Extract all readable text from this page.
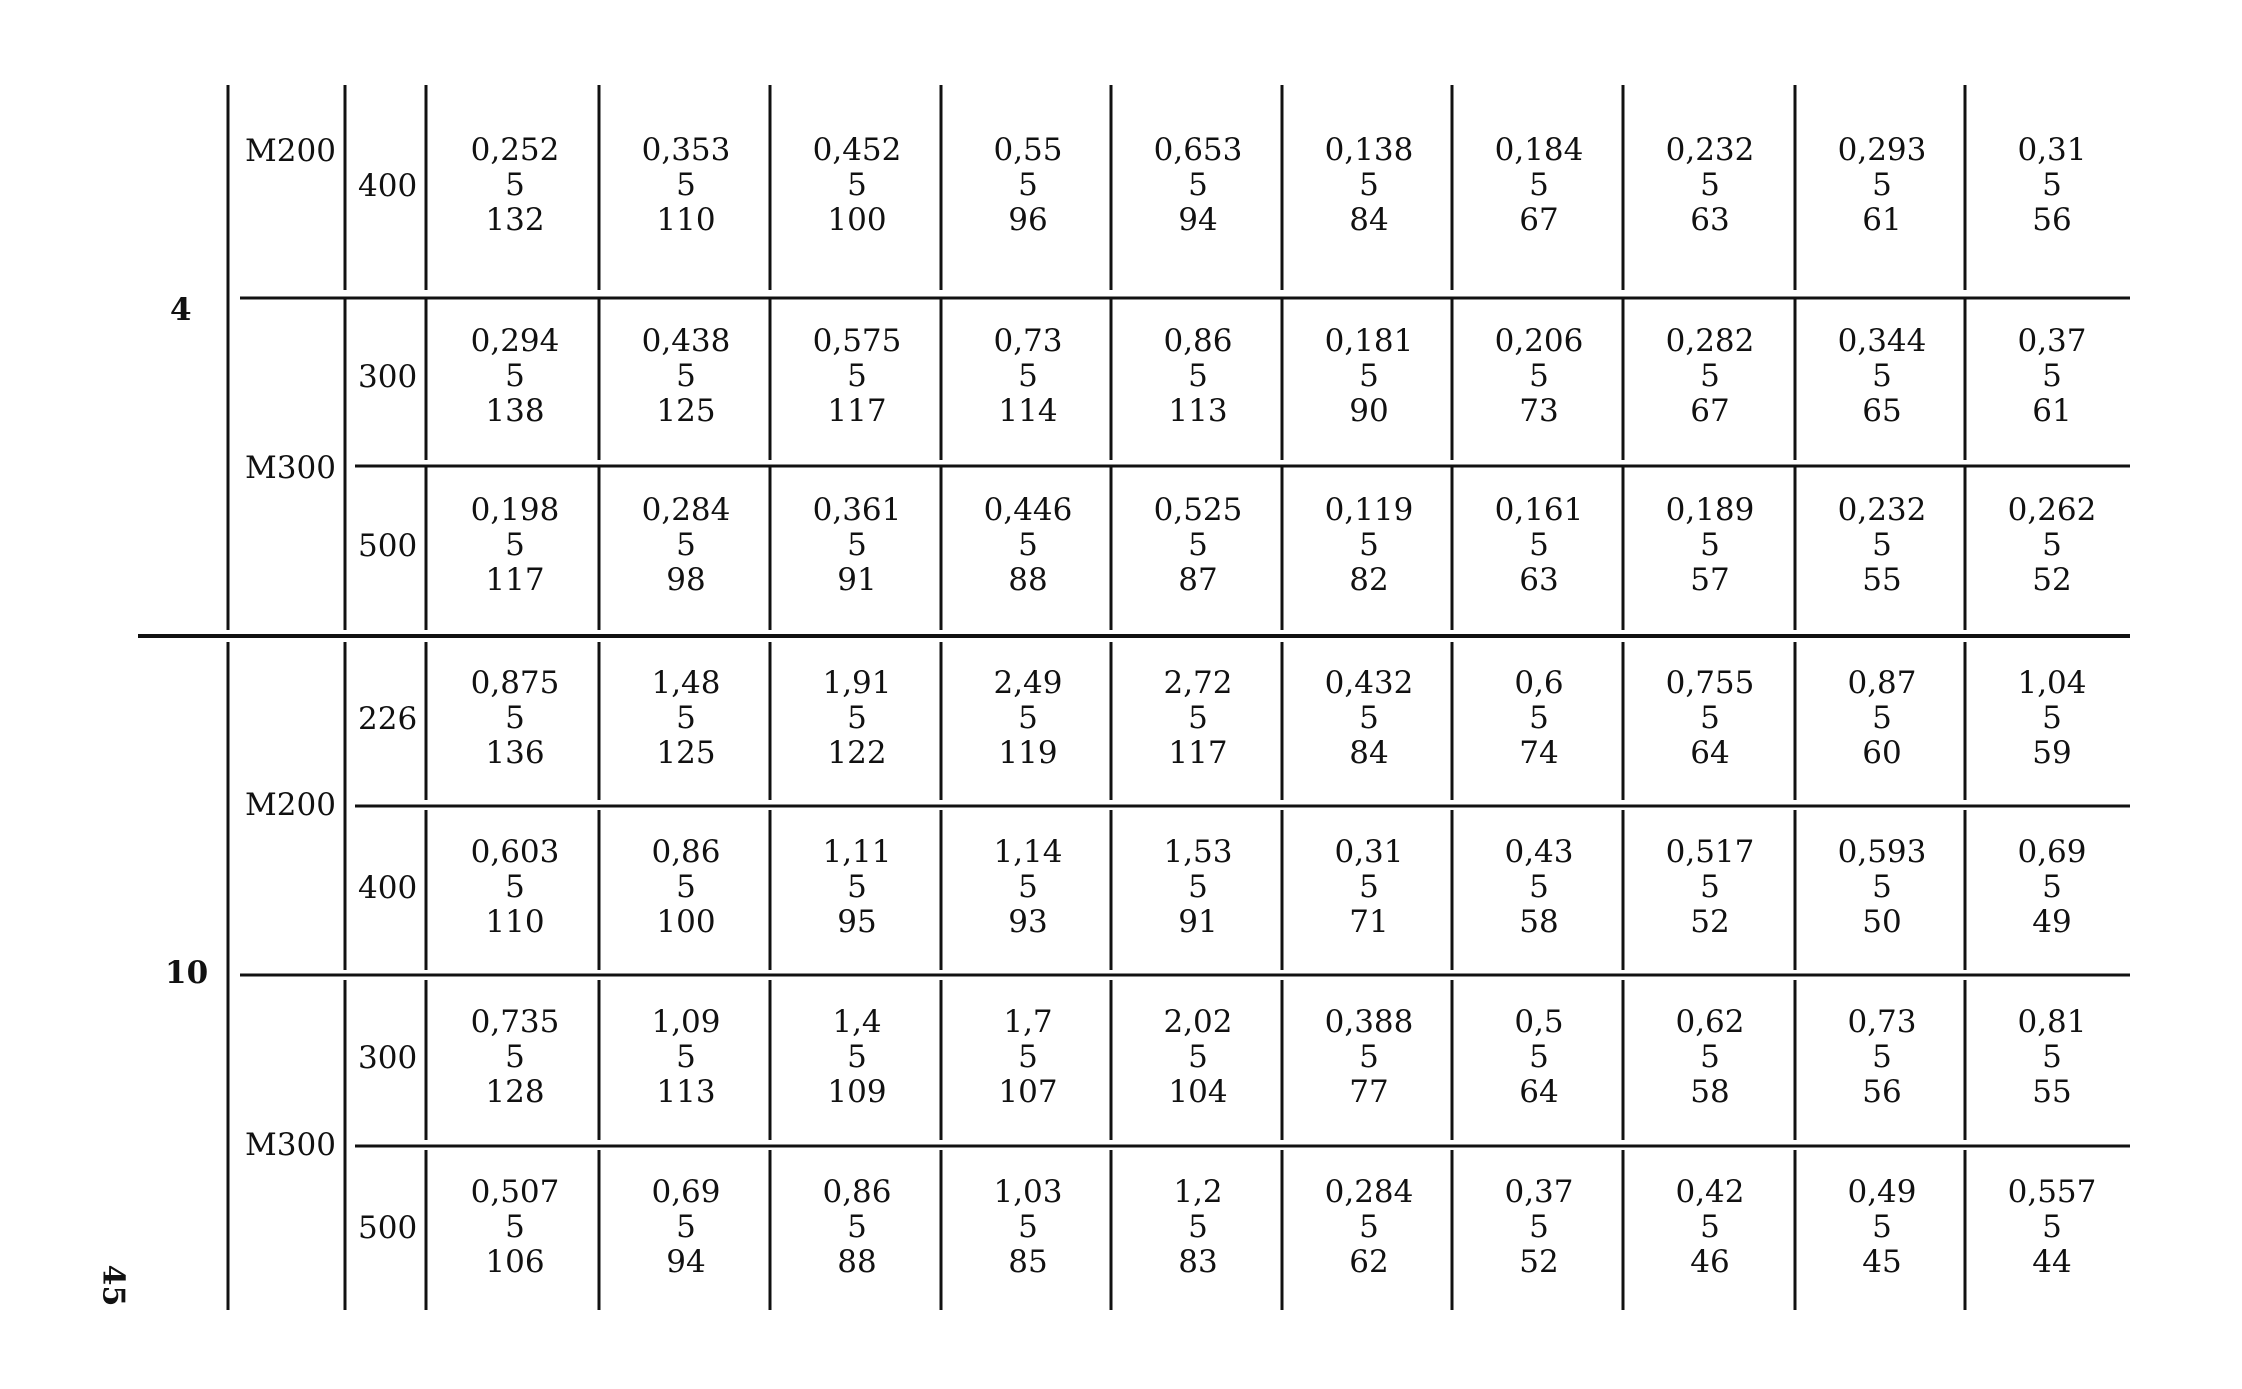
4
M200
400
M300
300
500
10
M200
226
400
M300
300
500
0,252
5
132
0,353
5
110
0,452
5
100
0,55
5
96
0,653
5
94
0,138
5
84
0,184
5
67
0,232
5
63
0,293
5
61
0,31
5
56
0,294
5
138
0,438
5
125
0,575
5
117
0,73
5
114
0,86
5
113
0,181
5
90
0,206
5
73
0,282
5
67
0,344
5
65
0,37
5
61
0,198
5
117
0,284
5
98
0,361
5
91
0,446
5
88
0,525
5
87
0,119
5
82
0,161
5
63
0,189
5
57
0,232
5
55
0,262
5
52
0,875
5
136
1,48
5
125
1,91
5
122
2,49
5
119
2,72
5
117
0,432
5
84
0,6
5
74
0,755
5
64
0,87
5
60
1,04
5
59
0,603
5
110
0,86
5
100
1,11
5
95
1,14
5
93
1,53
5
91
0,31
5
71
0,43
5
58
0,517
5
52
0,593
5
50
0,69
5
49
0,735
5
128
1,09
5
113
1,4
5
109
1,7
5
107
2,02
5
104
0,388
5
77
0,5
5
64
0,62
5
58
0,73
5
56
0,81
5
55
0,507
5
106
0,69
5
94
0,86
5
88
1,03
5
85
1,2
5
83
0,284
5
62
0,37
5
52
0,42
5
46
0,49
5
45
0,557
5
44
45
